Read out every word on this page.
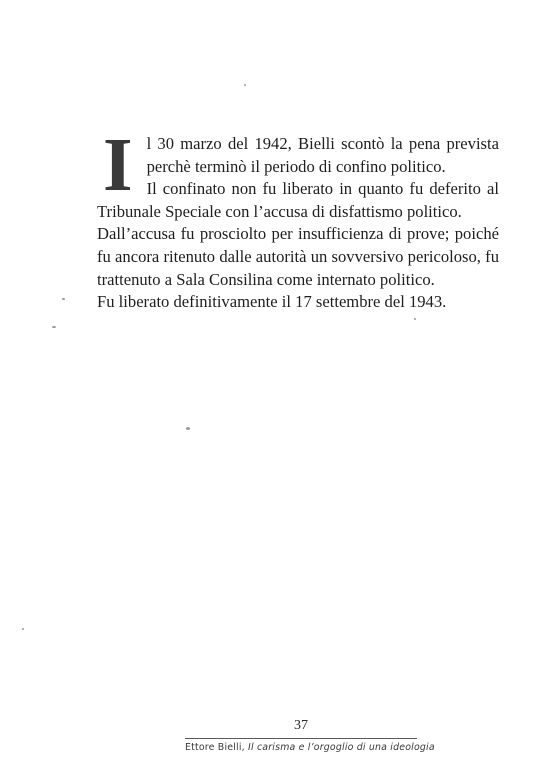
I l 30 marzo del 1942, Bielli scontò la pena prevista perchè terminò il periodo di confino politico.

Il confinato non fu liberato in quanto fu deferito al Tribunale Speciale con l’accusa di disfattismo politico.

Dall’accusa fu prosciolto per insufficienza di prove; poiché fu ancora ritenuto dalle autorità un sovversivo pericoloso, fu trattenuto a Sala Consilina come internato politico.

Fu liberato definitivamente il 17 settembre del 1943.

37
Ettore Bielli, Il carisma e l’orgoglio di una ideologia
